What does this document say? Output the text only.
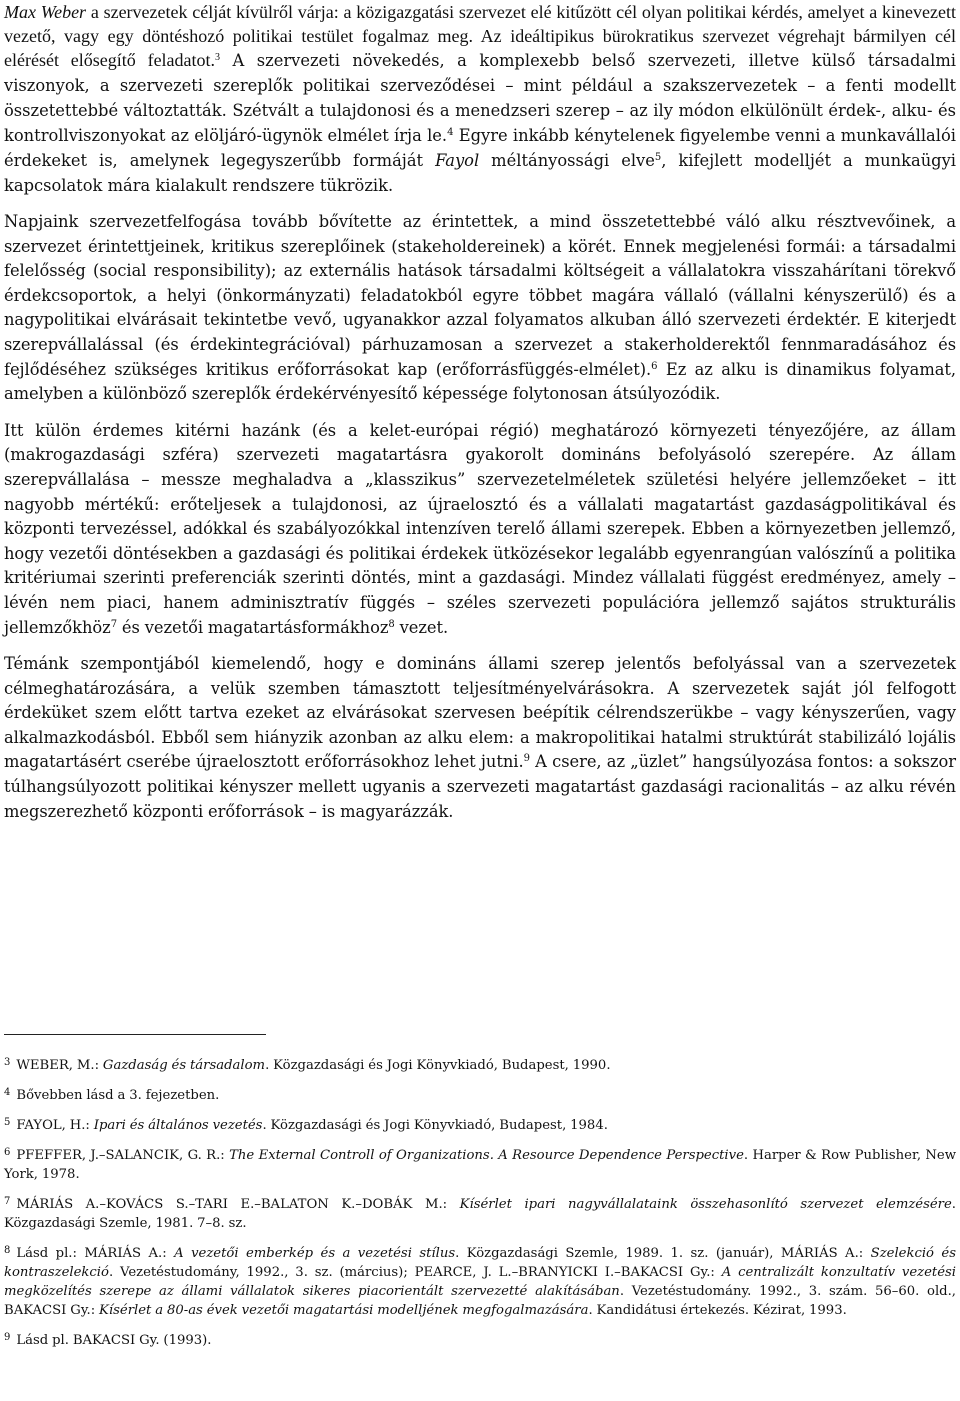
Max Weber a szervezetek célját kívülről várja: a közigazgatási szervezet elé kitűzött cél olyan politikai kérdés, amelyet a kinevezett vezető, vagy egy döntéshozó politikai testület fogalmaz meg. Az ideáltipikus bürokratikus szervezet végrehajt bármilyen cél elérését elősegítő feladatot.$^3$ A szervezeti növekedés, a komplexebb belső szervezeti, illetve külső társadalmi viszonyok, a szervezeti szereplők politikai szerveződései – mint például a szakszervezetek – a fenti modellt összetettebbé változtatták. Szétvált a tulajdonosi és a menedzseri szerep – az ily módon elkülönült érdek-, alku- és kontrollviszonyokat az elöljáró-ügynök elmélet írja le.$^4$ Egyre inkább kénytelenek figyelembe venni a munkavállalói érdekeket is, amelynek legegyszerűbb formáját Fayol méltányossági elve$^5$, kifejlett modelljét a munkaügyi kapcsolatok mára kialakult rendszere tükrözik.

Napjaink szervezetfelfogása tovább bővítette az érintettek, a mind összetettebbé váló alku résztvevőinek, a szervezet érintettjeinek, kritikus szereplőinek (stakeholdereinek) a körét. Ennek megjelenési formái: a társadalmi felelősség (social responsibility); az externális hatások társadalmi költségeit a vállalatokra visszahárítani törekvő érdekcsoportok, a helyi (önkormányzati) feladatokból egyre többet magára vállaló (vállalni kényszerülő) és a nagypolitikai elvárásait tekintetbe vevő, ugyanakkor azzal folyamatos alkuban álló szervezeti érdektér. E kiterjedt szerepvállalással (és érdekintegrációval) párhuzamosan a szervezet a stakerholderektől fennmaradásához és fejlődéséhez szükséges kritikus erőforrásokat kap (erőforrásfüggés-elmélet).$^6$ Ez az alku is dinamikus folyamat, amelyben a különböző szereplők érdekérvényesítő képessége folytonosan átsúlyozódik.

Itt külön érdemes kitérni hazánk (és a kelet-európai régió) meghatározó környezeti tényezőjére, az állam (makrogazdasági szféra) szervezeti magatartásra gyakorolt domináns befolyásoló szerepére. Az állam szerepvállalása – messze meghaladva a „klasszikus” szervezetelméletek születési helyére jellemzőeket – itt nagyobb mértékű: erőteljesek a tulajdonosi, az újraelosztó és a vállalati magatartást gazdaságpolitikával és központi tervezéssel, adókkal és szabályozókkal intenzíven terelő állami szerepek. Ebben a környezetben jellemző, hogy vezetői döntésekben a gazdasági és politikai érdekek ütközésekor legalább egyenrangúan valószínű a politika kritériumai szerinti preferenciák szerinti döntés, mint a gazdasági. Mindez vállalati függést eredményez, amely – lévén nem piaci, hanem adminisztratív függés – széles szervezeti populációra jellemző sajátos strukturális jellemzőkhöz$^7$ és vezetői magatartásformákhoz$^8$ vezet.

Témánk szempontjából kiemelendő, hogy e domináns állami szerep jelentős befolyással van a szervezetek célmeghatározására, a velük szemben támasztott teljesítményelvárásokra. A szervezetek saját jól felfogott érdeküket szem előtt tartva ezeket az elvárásokat szervesen beépítik célrendszerükbe – vagy kényszerűen, vagy alkalmazkodásból. Ebből sem hiányzik azonban az alku elem: a makropolitikai hatalmi struktúrát stabilizáló lojális magatartásért cserébe újraelosztott erőforrásokhoz lehet jutni.$^9$ A csere, az „üzlet” hangsúlyozása fontos: a sokszor túlhangsúlyozott politikai kényszer mellett ugyanis a szervezeti magatartást gazdasági racionalitás – az alku révén megszerezhető központi erőforrások – is magyarázzák.

$^3$ WEBER, M.: Gazdaság és társadalom. Közgazdasági és Jogi Könyvkiadó, Budapest, 1990.

$^4$ Bővebben lásd a 3. fejezetben.

$^5$ FAYOL, H.: Ipari és általános vezetés. Közgazdasági és Jogi Könyvkiadó, Budapest, 1984.

$^6$ PFEFFER, J.–SALANCIK, G. R.: The External Controll of Organizations. A Resource Dependence Perspective. Harper & Row Publisher, New York, 1978.

$^7$ MÁRIÁS A.–KOVÁCS S.–TARI E.–BALATON K.–DOBÁK M.: Kísérlet ipari nagyvállalataink összehasonlító szervezet elemzésére. Közgazdasági Szemle, 1981. 7–8. sz.

$^8$ Lásd pl.: MÁRIÁS A.: A vezetői emberkép és a vezetési stílus. Közgazdasági Szemle, 1989. 1. sz. (január), MÁRIÁS A.: Szelekció és kontraszelekció. Vezetéstudomány, 1992., 3. sz. (március); PEARCE, J. L.–BRANYICKI I.–BAKACSI Gy.: A centralizált konzultatív vezetési megközelítés szerepe az állami vállalatok sikeres piacorientált szervezetté alakításában. Vezetéstudomány. 1992., 3. szám. 56–60. old., BAKACSI Gy.: Kísérlet a 80-as évek vezetői magatartási modelljének megfogalmazására. Kandidátusi értekezés. Kézirat, 1993.

$^9$ Lásd pl. BAKACSI Gy. (1993).
